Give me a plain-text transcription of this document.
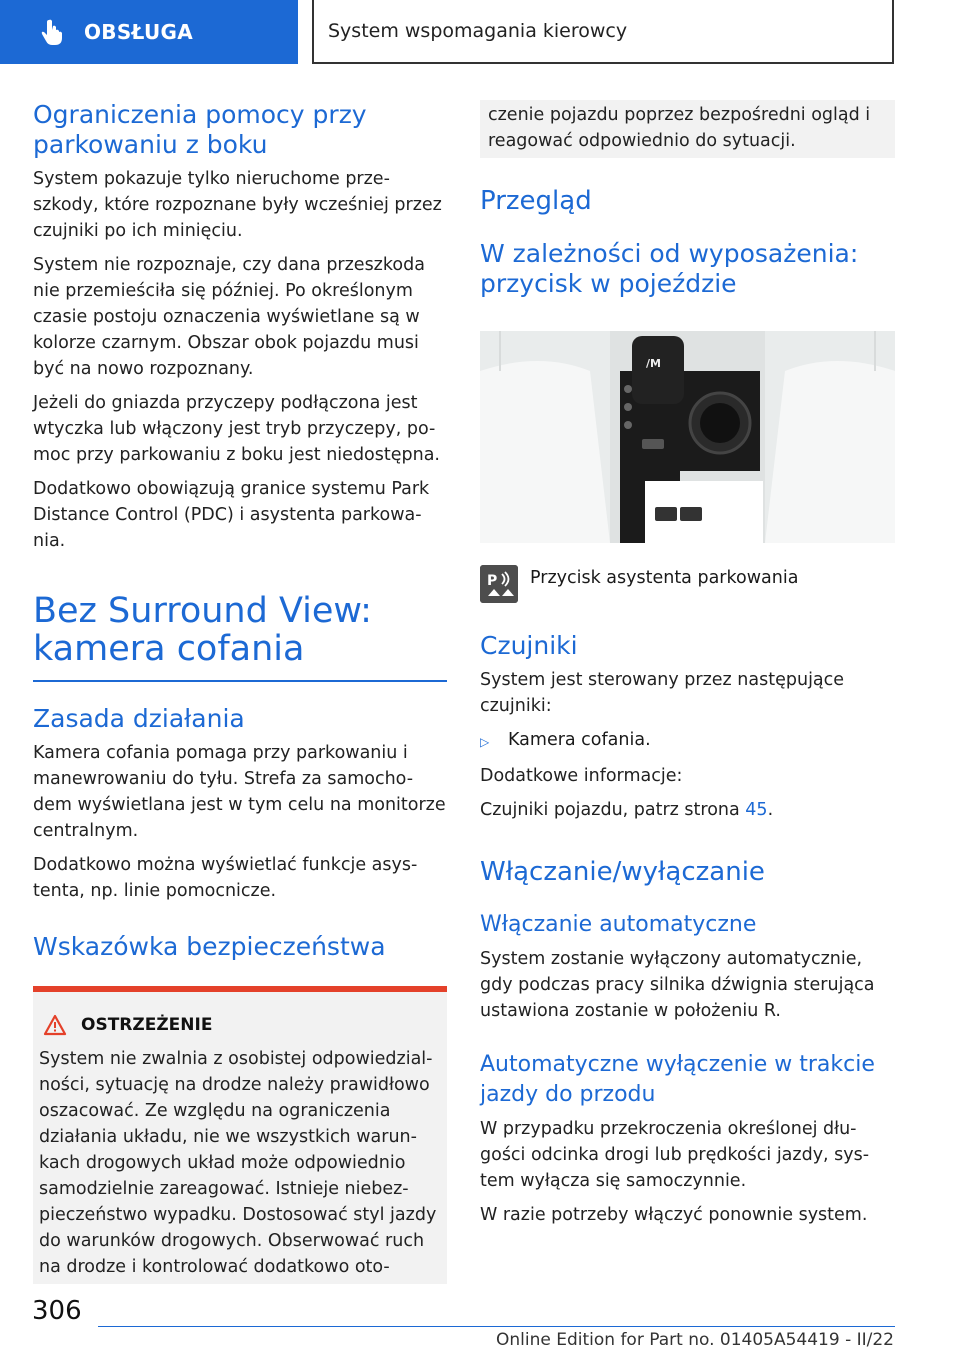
OBSŁUGA	System wspomagania kierowcy
Ograniczenia pomocy przy parkowaniu z boku

System pokazuje tylko nieruchome prze-szkody, które rozpoznane były wcześniej przez czujniki po ich minięciu.

System nie rozpoznaje, czy dana przeszkoda nie przemieściła się później. Po określonym czasie postoju oznaczenia wyświetlane są w kolorze czarnym. Obszar obok pojazdu musi być na nowo rozpoznany.

Jeżeli do gniazda przyczepy podłączona jest wtyczka lub włączony jest tryb przyczepy, po-moc przy parkowaniu z boku jest niedostępna.

Dodatkowo obowiązują granice systemu Park Distance Control (PDC) i asystenta parkowa-nia.

Bez Surround View: kamera cofania
Zasada działania

Kamera cofania pomaga przy parkowaniu i manewrowaniu do tyłu. Strefa za samocho-dem wyświetlana jest w tym celu na monitorze centralnym.

Dodatkowo można wyświetlać funkcje asys-tenta, np. linie pomocnicze.

Wskazówka bezpieczeństwa
OSTRZEŻENIE
System nie zwalnia z osobistej odpowiedzial-ności, sytuację na drodze należy prawidłowo oszacować. Ze względu na ograniczenia działania układu, nie we wszystkich warun-kach drogowych układ może odpowiednio samodzielnie zareagować. Istnieje niebez-pieczeństwo wypadku. Dostosować styl jazdy do warunków drogowych. Obserwować ruch na drodze i kontrolować dodatkowo oto-

czenie pojazdu poprzez bezpośredni ogląd i reagować odpowiednio do sytuacji.

Przegląd
W zależności od wyposażenia: przycisk w pojeździe
/M
P Przycisk asystenta parkowania
Czujniki

System jest sterowany przez następujące czujniki:

▷	Kamera cofania.

Dodatkowe informacje:

Czujniki pojazdu, patrz strona 45.

Włączanie/wyłączanie
Włączanie automatyczne

System zostanie wyłączony automatycznie, gdy podczas pracy silnika dźwignia sterująca ustawiona zostanie w położeniu R.

Automatyczne wyłączenie w trakcie jazdy do przodu

W przypadku przekroczenia określonej dłu-gości odcinka drogi lub prędkości jazdy, sys-tem wyłącza się samoczynnie.

W razie potrzeby włączyć ponownie system.

306
Online Edition for Part no. 01405A54419 - II/22
